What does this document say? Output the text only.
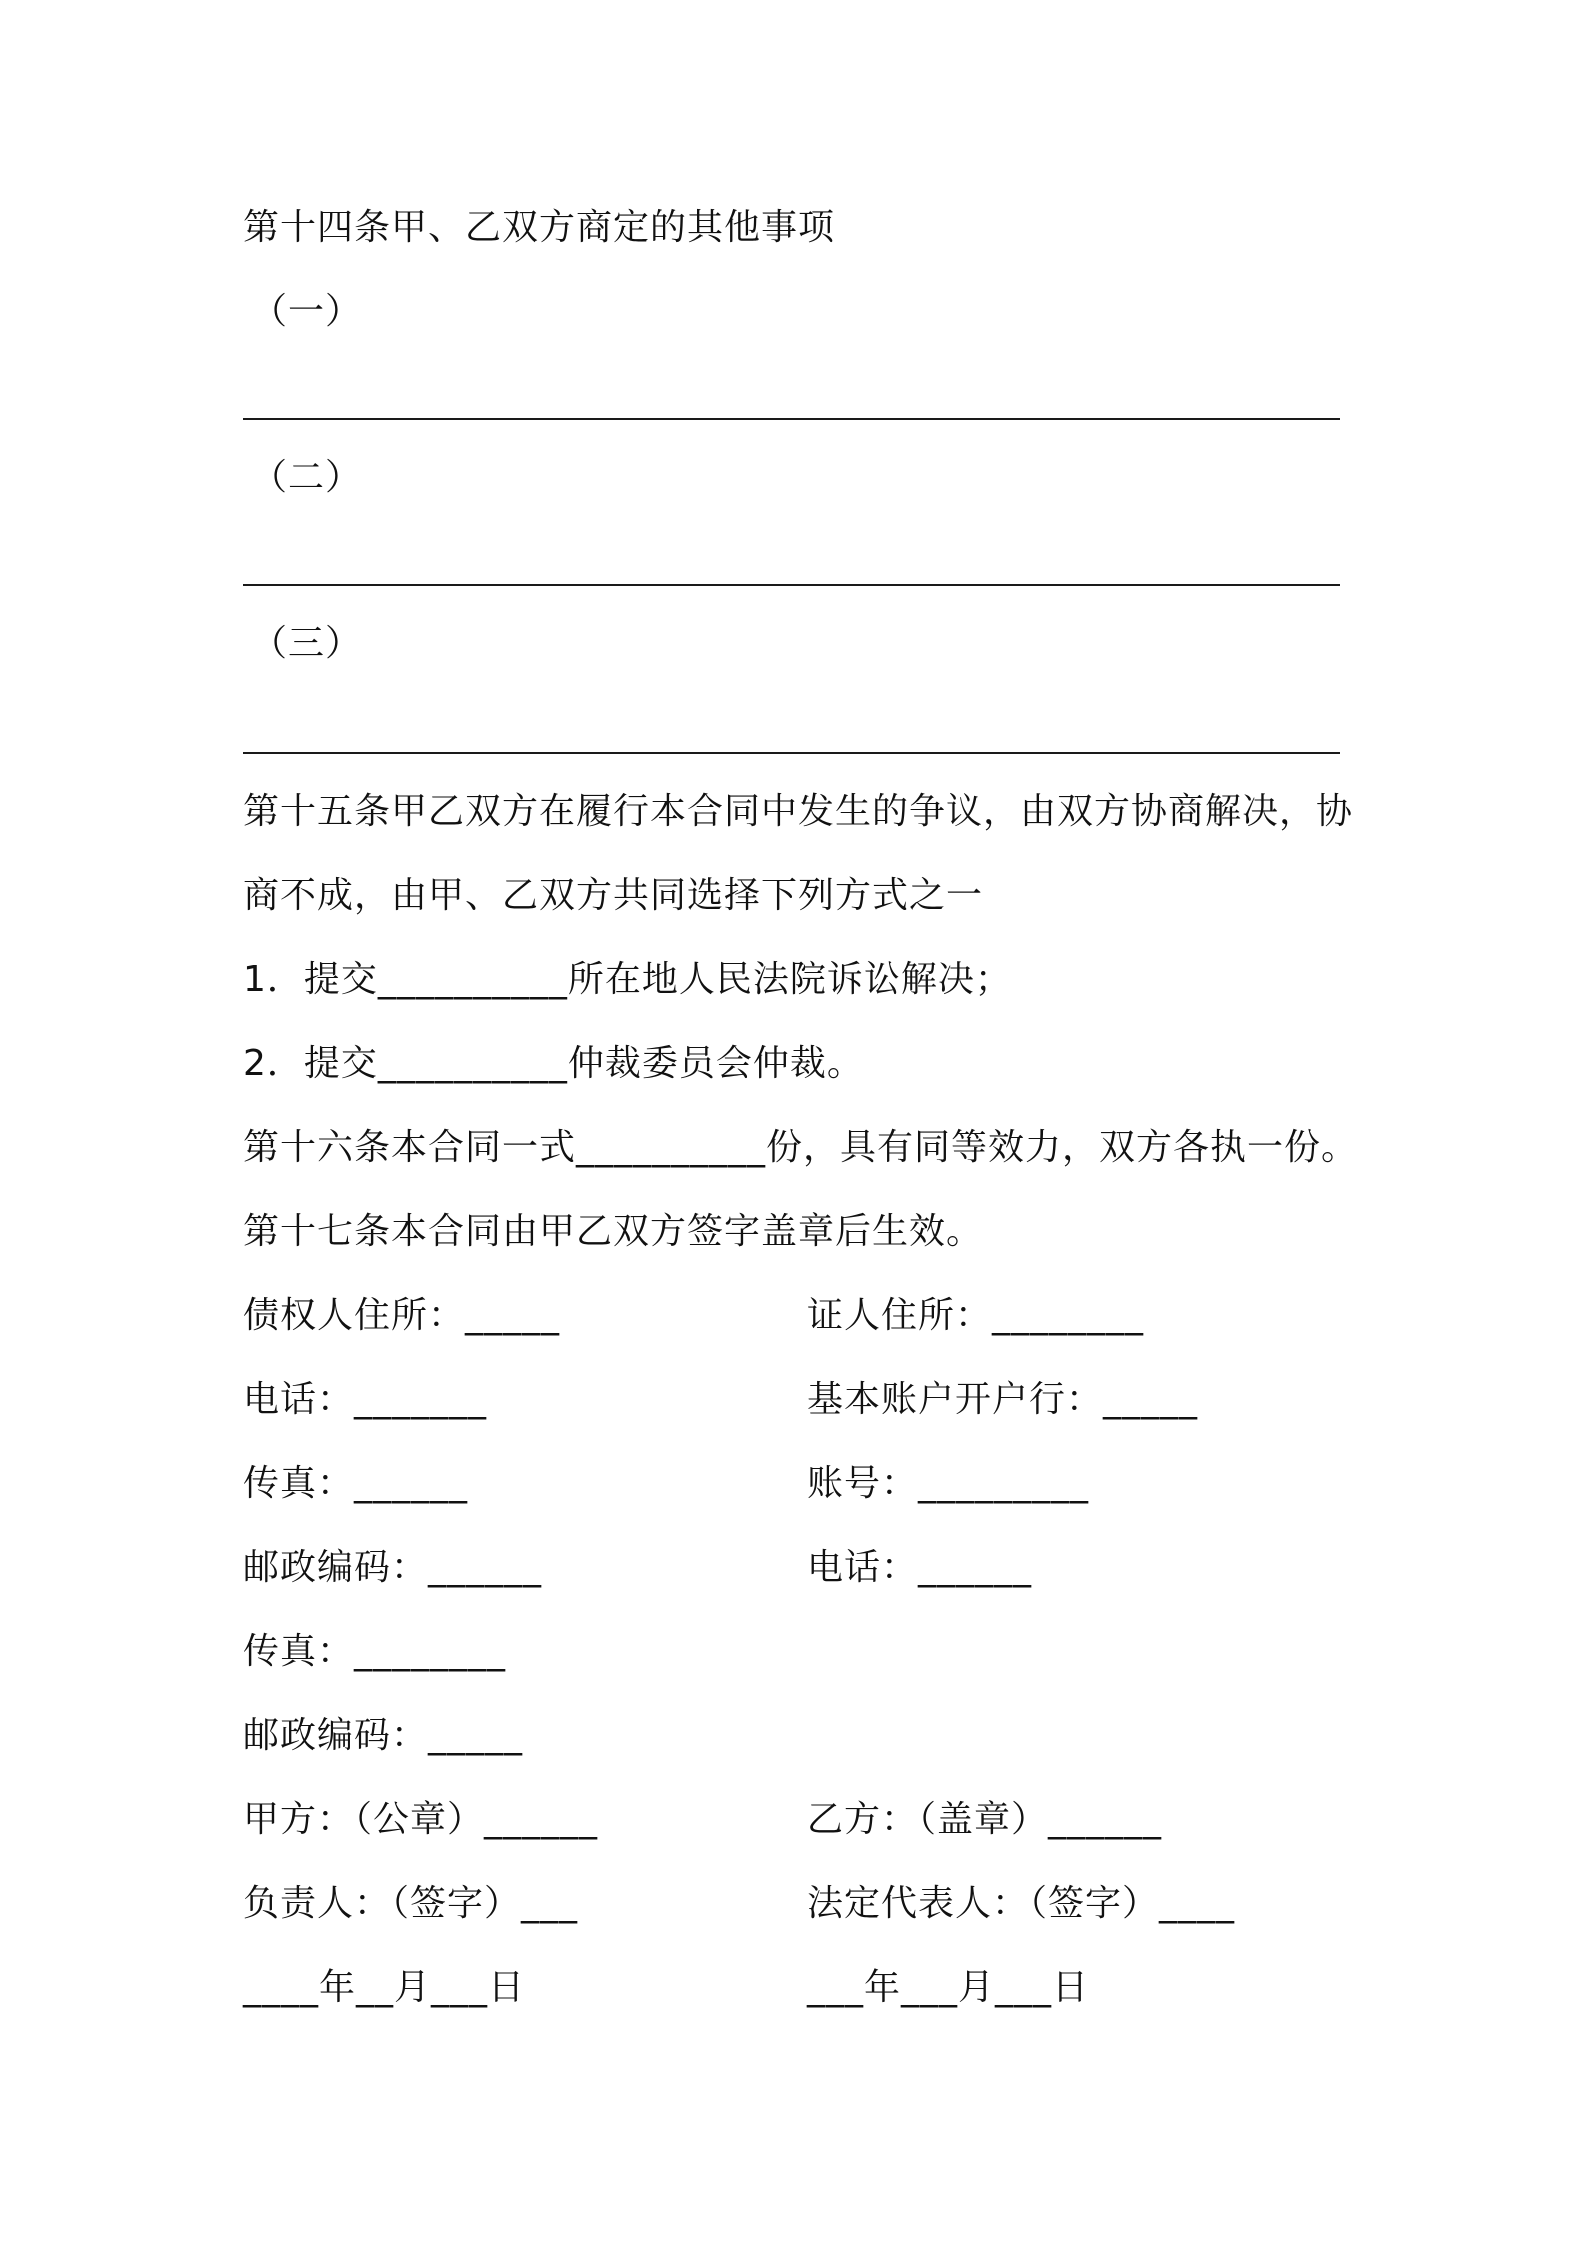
第十四条甲、乙双方商定的其他事项
（一）
（二）
（三）
第十五条甲乙双方在履行本合同中发生的争议，由双方协商解决，协
商不成，由甲、乙双方共同选择下列方式之一
1．提交__________所在地人民法院诉讼解决；
2．提交__________仲裁委员会仲裁。
第十六条本合同一式__________份，具有同等效力，双方各执一份。
第十七条本合同由甲乙双方签字盖章后生效。
债权人住所：_____	证人住所：________
电话：_______	基本账户开户行：_____
传真：______	账号：_________
邮政编码：______	电话：______
传真：________
邮政编码：_____
甲方：（公章）______	乙方：（盖章）______
负责人：（签字）___	法定代表人：（签字）____
____年__月___日	___年___月___日
